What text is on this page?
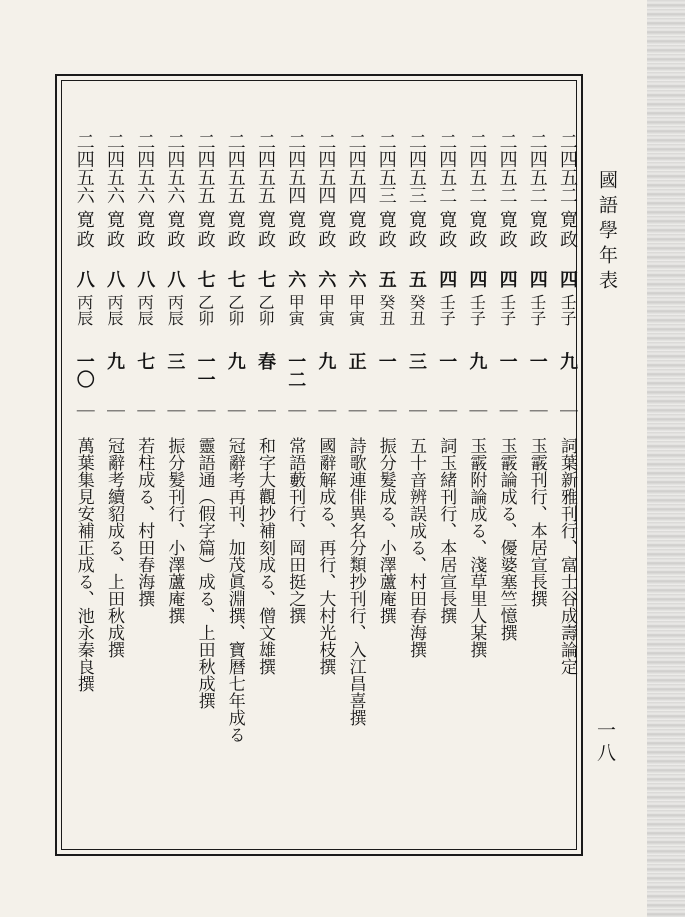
國語學年表
一八
二四五二
寛政
四
壬子
九
｜
詞葉新雅刊行、富士谷成壽論定
二四五二
寛政
四
壬子
一
｜
玉霰刊行、本居宣長撰
二四五二
寛政
四
壬子
一
｜
玉霰論成る、優婆塞竺憶撰
二四五二
寛政
四
壬子
九
｜
玉霰附論成る、淺草里人某撰
二四五二
寛政
四
壬子
一
｜
詞玉緒刊行、本居宣長撰
二四五三
寛政
五
癸丑
三
｜
五十音辨誤成る、村田春海撰
二四五三
寛政
五
癸丑
一
｜
振分髮成る、小澤蘆庵撰
二四五四
寛政
六
甲寅
正
｜
詩歌連俳異名分類抄刊行、入江昌喜撰
二四五四
寛政
六
甲寅
九
｜
國辭解成る、再行、大村光枝撰
二四五四
寛政
六
甲寅
一二
｜
常語藪刊行、岡田挺之撰
二四五五
寛政
七
乙卯
春
｜
和字大觀抄補刻成る、僧文雄撰
二四五五
寛政
七
乙卯
九
｜
冠辭考再刊、加茂眞淵撰、寶曆七年成る
二四五五
寛政
七
乙卯
一一
｜
靈語通（假字篇）成る、上田秋成撰
二四五六
寛政
八
丙辰
三
｜
振分髮刊行、小澤蘆庵撰
二四五六
寛政
八
丙辰
七
｜
若柱成る、村田春海撰
二四五六
寛政
八
丙辰
九
｜
冠辭考續貂成る、上田秋成撰
二四五六
寛政
八
丙辰
一〇
｜
萬葉集見安補正成る、池永秦良撰
